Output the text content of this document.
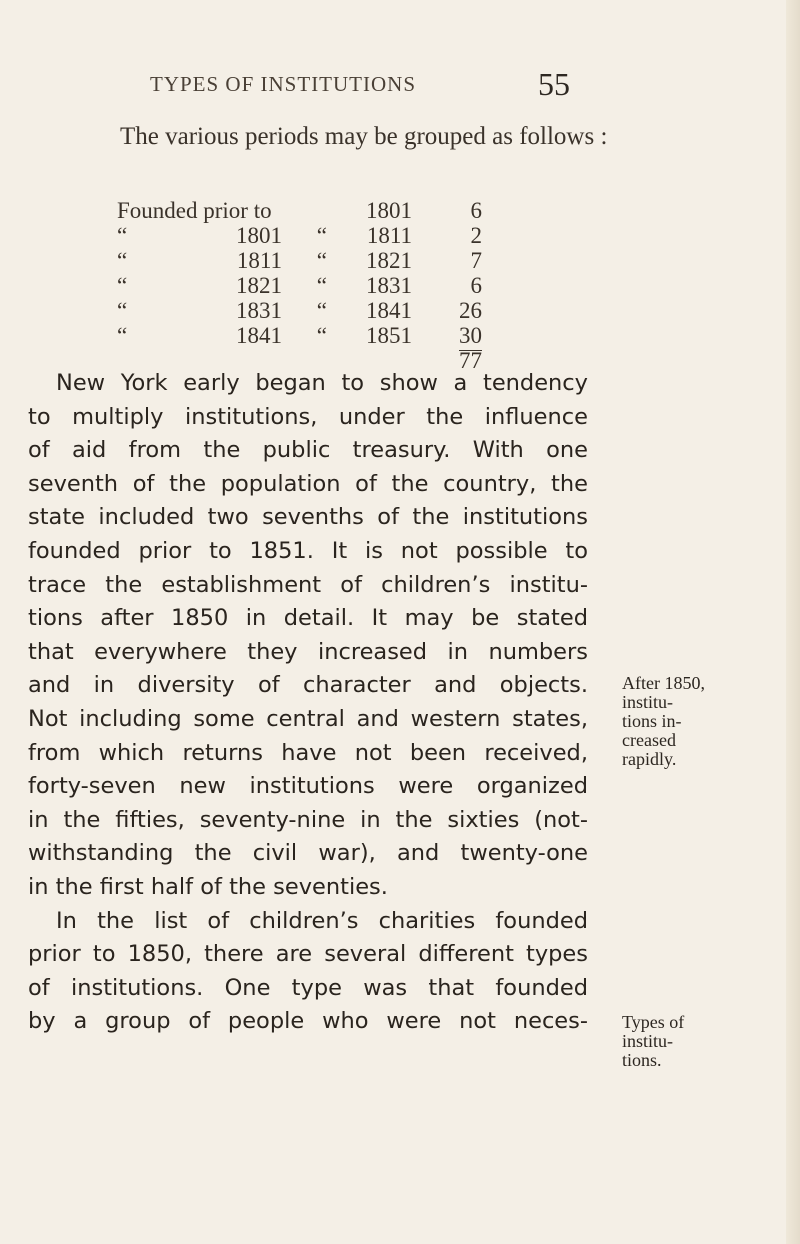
TYPES OF INSTITUTIONS	55

The various periods may be grouped as follows :

Founded prior to			1801	6
“	1801	“	1811	2
“	1811	“	1821	7
“	1821	“	1831	6
“	1831	“	1841	26
“	1841	“	1851	30
				77
New York early began to show a tendency
to multiply institutions, under the influence
of aid from the public treasury. With one
seventh of the population of the country, the
state included two sevenths of the institutions
founded prior to 1851. It is not possible to
trace the establishment of children’s institu-
tions after 1850 in detail. It may be stated
that everywhere they increased in numbers
and in diversity of character and objects.
Not including some central and western states,
from which returns have not been received,
forty-seven new institutions were organized
in the fifties, seventy-nine in the sixties (not-
withstanding the civil war), and twenty-one
in the first half of the seventies.
In the list of children’s charities founded
prior to 1850, there are several different types
of institutions. One type was that founded
by a group of people who were not neces-
After 1850,
institu-
tions in-
creased
rapidly.
Types of
institu-
tions.
